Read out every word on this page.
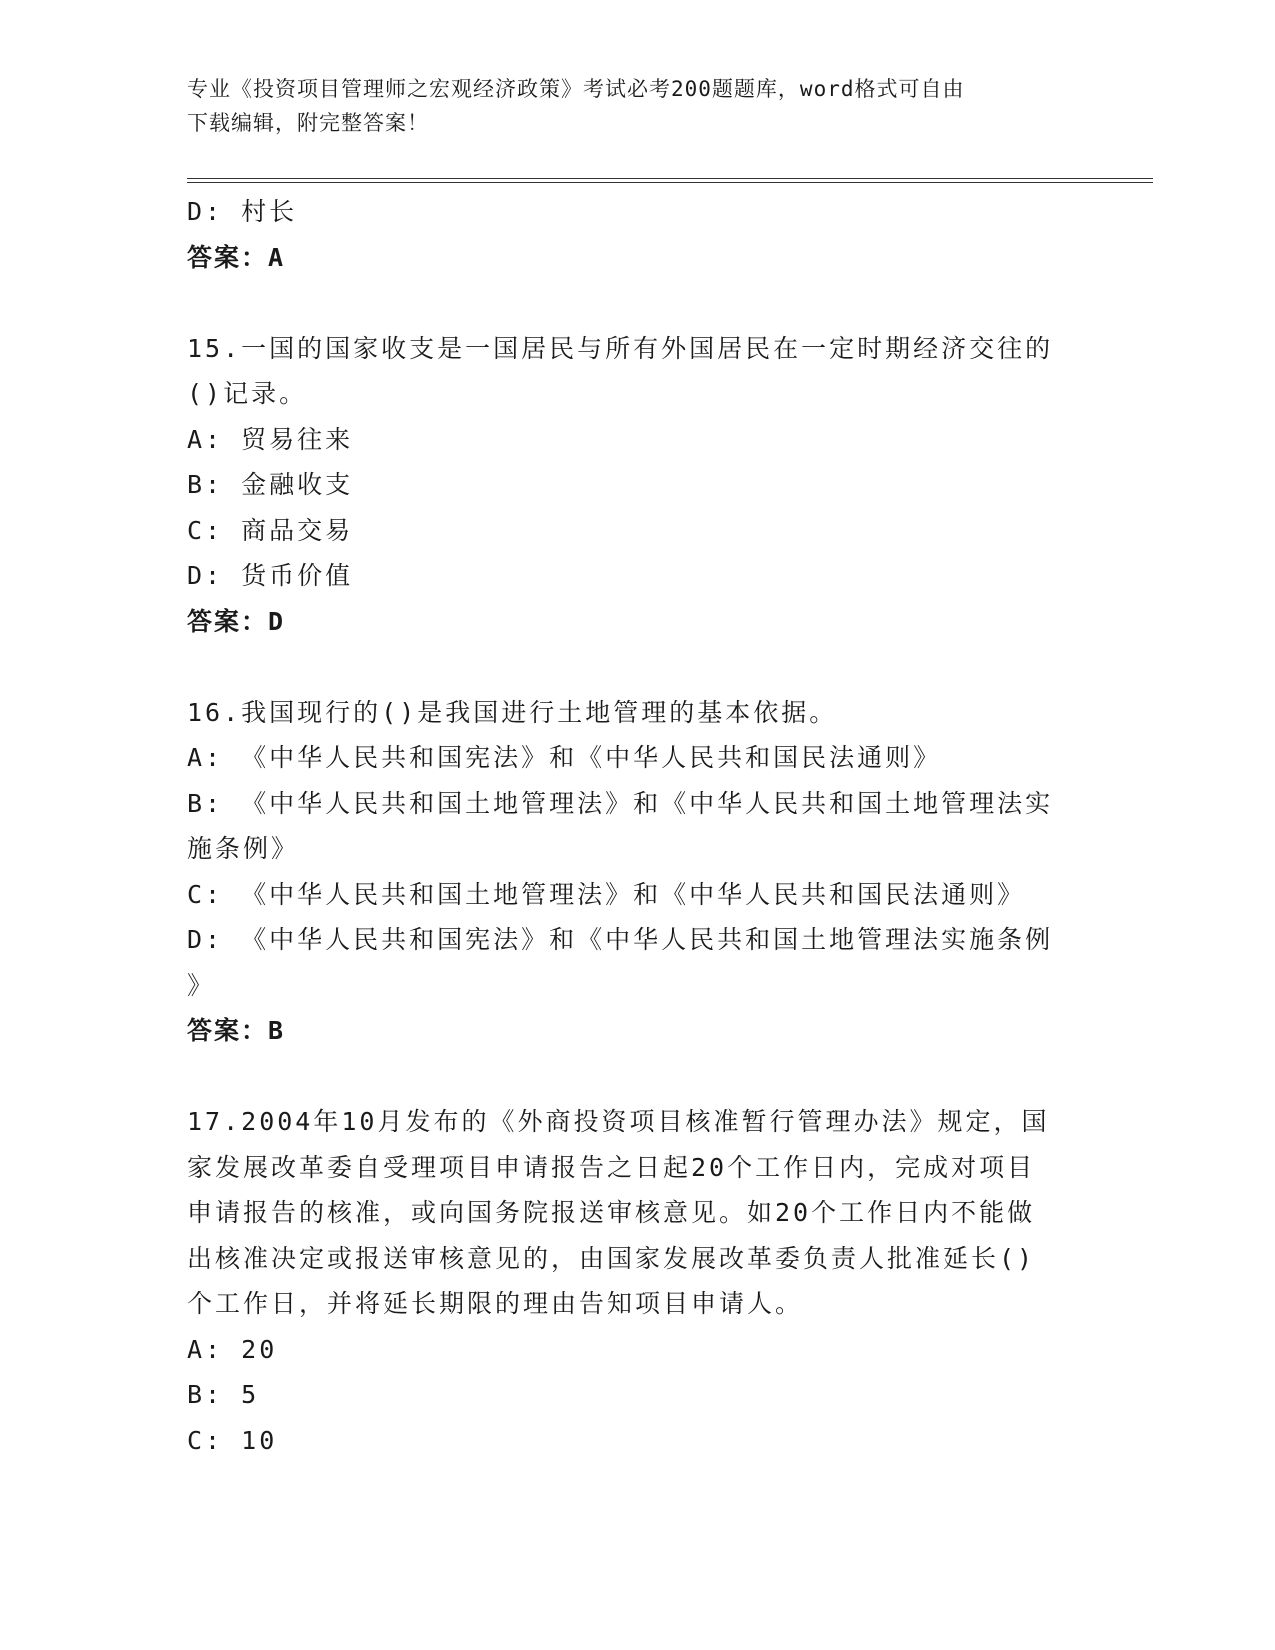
专业《投资项目管理师之宏观经济政策》考试必考200题题库，word格式可自由
下载编辑，附完整答案！
D: 村长
答案：A
15.一国的国家收支是一国居民与所有外国居民在一定时期经济交往的
()记录。
A: 贸易往来
B: 金融收支
C: 商品交易
D: 货币价值
答案：D
16.我国现行的()是我国进行土地管理的基本依据。
A: 《中华人民共和国宪法》和《中华人民共和国民法通则》
B: 《中华人民共和国土地管理法》和《中华人民共和国土地管理法实
施条例》
C: 《中华人民共和国土地管理法》和《中华人民共和国民法通则》
D: 《中华人民共和国宪法》和《中华人民共和国土地管理法实施条例
》
答案：B
17.2004年10月发布的《外商投资项目核准暂行管理办法》规定，国
家发展改革委自受理项目申请报告之日起20个工作日内，完成对项目
申请报告的核准，或向国务院报送审核意见。如20个工作日内不能做
出核准决定或报送审核意见的，由国家发展改革委负责人批准延长()
个工作日，并将延长期限的理由告知项目申请人。
A: 20
B: 5
C: 10
